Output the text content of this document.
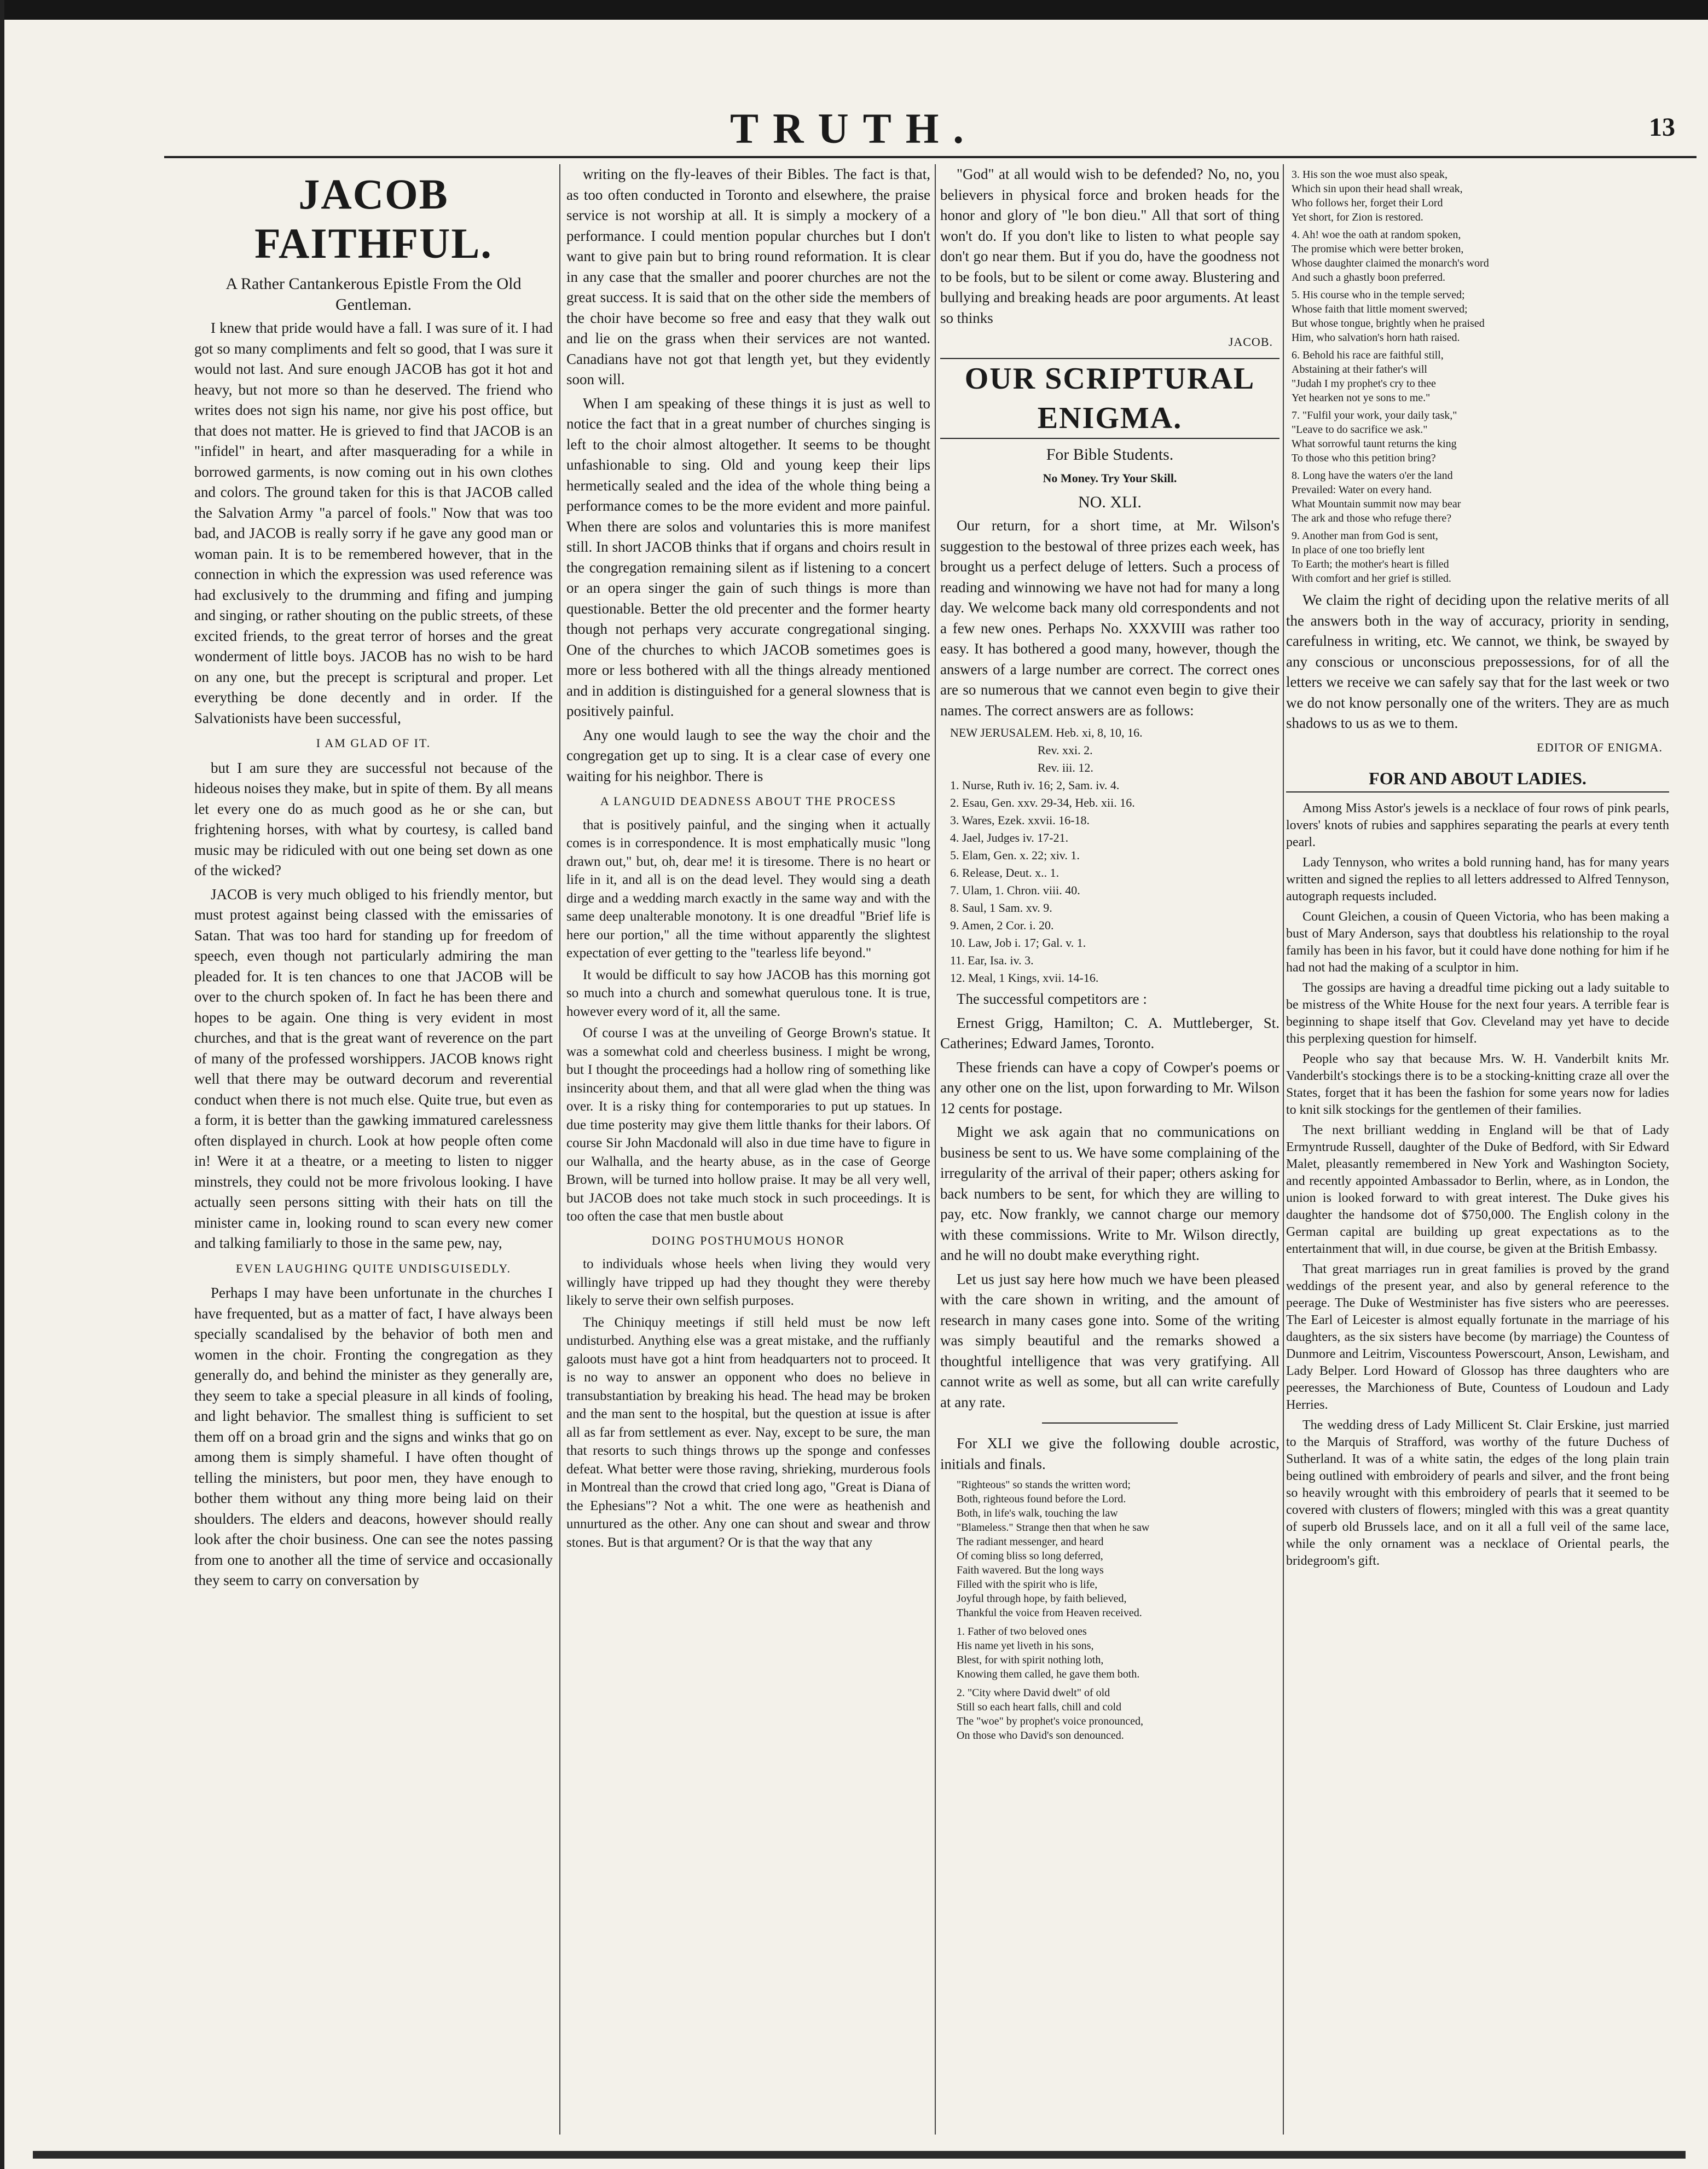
TRUTH.	13
JACOB FAITHFUL.
A Rather Cantankerous Epistle From the Old Gentleman.

I knew that pride would have a fall. I was sure of it. I had got so many compliments and felt so good, that I was sure it would not last. And sure enough JACOB has got it hot and heavy, but not more so than he deserved. The friend who writes does not sign his name, nor give his post office, but that does not matter. He is grieved to find that JACOB is an "infidel" in heart, and after masquerading for a while in borrowed garments, is now coming out in his own clothes and colors. The ground taken for this is that JACOB called the Salvation Army "a parcel of fools." Now that was too bad, and JACOB is really sorry if he gave any good man or woman pain. It is to be remembered however, that in the connection in which the expression was used reference was had exclusively to the drumming and fifing and jumping and singing, or rather shouting on the public streets, of these excited friends, to the great terror of horses and the great wonderment of little boys. JACOB has no wish to be hard on any one, but the precept is scriptural and proper. Let everything be done decently and in order. If the Salvationists have been successful,

I AM GLAD OF IT.

but I am sure they are successful not because of the hideous noises they make, but in spite of them. By all means let every one do as much good as he or she can, but frightening horses, with what by courtesy, is called band music may be ridiculed with out one being set down as one of the wicked?

JACOB is very much obliged to his friendly mentor, but must protest against being classed with the emissaries of Satan. That was too hard for standing up for freedom of speech, even though not particularly admiring the man pleaded for. It is ten chances to one that JACOB will be over to the church spoken of. In fact he has been there and hopes to be again. One thing is very evident in most churches, and that is the great want of reverence on the part of many of the professed worshippers. JACOB knows right well that there may be outward decorum and reverential conduct when there is not much else. Quite true, but even as a form, it is better than the gawking immatured carelessness often displayed in church. Look at how people often come in! Were it at a theatre, or a meeting to listen to nigger minstrels, they could not be more frivolous looking. I have actually seen persons sitting with their hats on till the minister came in, looking round to scan every new comer and talking familiarly to those in the same pew, nay,

EVEN LAUGHING QUITE UNDISGUISEDLY.

Perhaps I may have been unfortunate in the churches I have frequented, but as a matter of fact, I have always been specially scandalised by the behavior of both men and women in the choir. Fronting the congregation as they generally do, and behind the minister as they generally are, they seem to take a special pleasure in all kinds of fooling, and light behavior. The smallest thing is sufficient to set them off on a broad grin and the signs and winks that go on among them is simply shameful. I have often thought of telling the ministers, but poor men, they have enough to bother them without any thing more being laid on their shoulders. The elders and deacons, however should really look after the choir business. One can see the notes passing from one to another all the time of service and occasionally they seem to carry on conversation by

writing on the fly-leaves of their Bibles. The fact is that, as too often conducted in Toronto and elsewhere, the praise service is not worship at all. It is simply a mockery of a performance. I could mention popular churches but I don't want to give pain but to bring round reformation. It is clear in any case that the smaller and poorer churches are not the great success. It is said that on the other side the members of the choir have become so free and easy that they walk out and lie on the grass when their services are not wanted. Canadians have not got that length yet, but they evidently soon will.

When I am speaking of these things it is just as well to notice the fact that in a great number of churches singing is left to the choir almost altogether. It seems to be thought unfashionable to sing. Old and young keep their lips hermetically sealed and the idea of the whole thing being a performance comes to be the more evident and more painful. When there are solos and voluntaries this is more manifest still. In short JACOB thinks that if organs and choirs result in the congregation remaining silent as if listening to a concert or an opera singer the gain of such things is more than questionable. Better the old precenter and the former hearty though not perhaps very accurate congregational singing. One of the churches to which JACOB sometimes goes is more or less bothered with all the things already mentioned and in addition is distinguished for a general slowness that is positively painful.

Any one would laugh to see the way the choir and the congregation get up to sing. It is a clear case of every one waiting for his neighbor. There is

A LANGUID DEADNESS ABOUT THE PROCESS

that is positively painful, and the singing when it actually comes is in correspondence. It is most emphatically music "long drawn out," but, oh, dear me! it is tiresome. There is no heart or life in it, and all is on the dead level. They would sing a death dirge and a wedding march exactly in the same way and with the same deep unalterable monotony. It is one dreadful "Brief life is here our portion," all the time without apparently the slightest expectation of ever getting to the "tearless life beyond."

It would be difficult to say how JACOB has this morning got so much into a church and somewhat querulous tone. It is true, however every word of it, all the same.

Of course I was at the unveiling of George Brown's statue. It was a somewhat cold and cheerless business. I might be wrong, but I thought the proceedings had a hollow ring of something like insincerity about them, and that all were glad when the thing was over. It is a risky thing for contemporaries to put up statues. In due time posterity may give them little thanks for their labors. Of course Sir John Macdonald will also in due time have to figure in our Walhalla, and the hearty abuse, as in the case of George Brown, will be turned into hollow praise. It may be all very well, but JACOB does not take much stock in such proceedings. It is too often the case that men bustle about

DOING POSTHUMOUS HONOR

to individuals whose heels when living they would very willingly have tripped up had they thought they were thereby likely to serve their own selfish purposes.

The Chiniquy meetings if still held must be now left undisturbed. Anything else was a great mistake, and the ruffianly galoots must have got a hint from headquarters not to proceed. It is no way to answer an opponent who does no believe in transubstantiation by breaking his head. The head may be broken and the man sent to the hospital, but the question at issue is after all as far from settlement as ever. Nay, except to be sure, the man that resorts to such things throws up the sponge and confesses defeat. What better were those raving, shrieking, murderous fools in Montreal than the crowd that cried long ago, "Great is Diana of the Ephesians"? Not a whit. The one were as heathenish and unnurtured as the other. Any one can shout and swear and throw stones. But is that argument? Or is that the way that any

"God" at all would wish to be defended? No, no, you believers in physical force and broken heads for the honor and glory of "le bon dieu." All that sort of thing won't do. If you don't like to listen to what people say don't go near them. But if you do, have the goodness not to be fools, but to be silent or come away. Blustering and bullying and breaking heads are poor arguments. At least so thinks

JACOB.
OUR SCRIPTURAL ENIGMA.
For Bible Students.
No Money. Try Your Skill.
NO. XLI.

Our return, for a short time, at Mr. Wilson's suggestion to the bestowal of three prizes each week, has brought us a perfect deluge of letters. Such a process of reading and winnowing we have not had for many a long day. We welcome back many old correspondents and not a few new ones. Perhaps No. XXXVIII was rather too easy. It has bothered a good many, however, though the answers of a large number are correct. The correct ones are so numerous that we cannot even begin to give their names. The correct answers are as follows:

NEW JERUSALEM. Heb. xi, 8, 10, 16.
Rev. xxi. 2.
Rev. iii. 12.
1. Nurse, Ruth iv. 16; 2, Sam. iv. 4.
2. Esau, Gen. xxv. 29-34, Heb. xii. 16.
3. Wares, Ezek. xxvii. 16-18.
4. Jael, Judges iv. 17-21.
5. Elam, Gen. x. 22; xiv. 1.
6. Release, Deut. x.. 1.
7. Ulam, 1. Chron. viii. 40.
8. Saul, 1 Sam. xv. 9.
9. Amen, 2 Cor. i. 20.
10. Law, Job i. 17; Gal. v. 1.
11. Ear, Isa. iv. 3.
12. Meal, 1 Kings, xvii. 14-16.

The successful competitors are :

Ernest Grigg, Hamilton; C. A. Muttleberger, St. Catherines; Edward James, Toronto.

These friends can have a copy of Cowper's poems or any other one on the list, upon forwarding to Mr. Wilson 12 cents for postage.

Might we ask again that no communications on business be sent to us. We have some complaining of the irregularity of the arrival of their paper; others asking for back numbers to be sent, for which they are willing to pay, etc. Now frankly, we cannot charge our memory with these commissions. Write to Mr. Wilson directly, and he will no doubt make everything right.

Let us just say here how much we have been pleased with the care shown in writing, and the amount of research in many cases gone into. Some of the writing was simply beautiful and the remarks showed a thoughtful intelligence that was very gratifying. All cannot write as well as some, but all can write carefully at any rate.

For XLI we give the following double acrostic, initials and finals.

"Righteous" so stands the written word;
Both, righteous found before the Lord.
Both, in life's walk, touching the law
"Blameless." Strange then that when he saw
The radiant messenger, and heard
Of coming bliss so long deferred,
Faith wavered. But the long ways
Filled with the spirit who is life,
Joyful through hope, by faith believed,
Thankful the voice from Heaven received.
1. Father of two beloved ones
His name yet liveth in his sons,
Blest, for with spirit nothing loth,
Knowing them called, he gave them both.
2. "City where David dwelt" of old
Still so each heart falls, chill and cold
The "woe" by prophet's voice pronounced,
On those who David's son denounced.
3. His son the woe must also speak,
Which sin upon their head shall wreak,
Who follows her, forget their Lord
Yet short, for Zion is restored.
4. Ah! woe the oath at random spoken,
The promise which were better broken,
Whose daughter claimed the monarch's word
And such a ghastly boon preferred.
5. His course who in the temple served;
Whose faith that little moment swerved;
But whose tongue, brightly when he praised
Him, who salvation's horn hath raised.
6. Behold his race are faithful still,
Abstaining at their father's will
"Judah I my prophet's cry to thee
Yet hearken not ye sons to me."
7. "Fulfil your work, your daily task,"
"Leave to do sacrifice we ask."
What sorrowful taunt returns the king
To those who this petition bring?
8. Long have the waters o'er the land
Prevailed: Water on every hand.
What Mountain summit now may bear
The ark and those who refuge there?
9. Another man from God is sent,
In place of one too briefly lent
To Earth; the mother's heart is filled
With comfort and her grief is stilled.

We claim the right of deciding upon the relative merits of all the answers both in the way of accuracy, priority in sending, carefulness in writing, etc. We cannot, we think, be swayed by any conscious or unconscious prepossessions, for of all the letters we receive we can safely say that for the last week or two we do not know personally one of the writers. They are as much shadows to us as we to them.

EDITOR OF ENIGMA.
FOR AND ABOUT LADIES.

Among Miss Astor's jewels is a necklace of four rows of pink pearls, lovers' knots of rubies and sapphires separating the pearls at every tenth pearl.

Lady Tennyson, who writes a bold running hand, has for many years written and signed the replies to all letters addressed to Alfred Tennyson, autograph requests included.

Count Gleichen, a cousin of Queen Victoria, who has been making a bust of Mary Anderson, says that doubtless his relationship to the royal family has been in his favor, but it could have done nothing for him if he had not had the making of a sculptor in him.

The gossips are having a dreadful time picking out a lady suitable to be mistress of the White House for the next four years. A terrible fear is beginning to shape itself that Gov. Cleveland may yet have to decide this perplexing question for himself.

People who say that because Mrs. W. H. Vanderbilt knits Mr. Vanderbilt's stockings there is to be a stocking-knitting craze all over the States, forget that it has been the fashion for some years now for ladies to knit silk stockings for the gentlemen of their families.

The next brilliant wedding in England will be that of Lady Ermyntrude Russell, daughter of the Duke of Bedford, with Sir Edward Malet, pleasantly remembered in New York and Washington Society, and recently appointed Ambassador to Berlin, where, as in London, the union is looked forward to with great interest. The Duke gives his daughter the handsome dot of $750,000. The English colony in the German capital are building up great expectations as to the entertainment that will, in due course, be given at the British Embassy.

That great marriages run in great families is proved by the grand weddings of the present year, and also by general reference to the peerage. The Duke of Westminister has five sisters who are peeresses. The Earl of Leicester is almost equally fortunate in the marriage of his daughters, as the six sisters have become (by marriage) the Countess of Dunmore and Leitrim, Viscountess Powerscourt, Anson, Lewisham, and Lady Belper. Lord Howard of Glossop has three daughters who are peeresses, the Marchioness of Bute, Countess of Loudoun and Lady Herries.

The wedding dress of Lady Millicent St. Clair Erskine, just married to the Marquis of Strafford, was worthy of the future Duchess of Sutherland. It was of a white satin, the edges of the long plain train being outlined with embroidery of pearls and silver, and the front being so heavily wrought with this embroidery of pearls that it seemed to be covered with clusters of flowers; mingled with this was a great quantity of superb old Brussels lace, and on it all a full veil of the same lace, while the only ornament was a necklace of Oriental pearls, the bridegroom's gift.
